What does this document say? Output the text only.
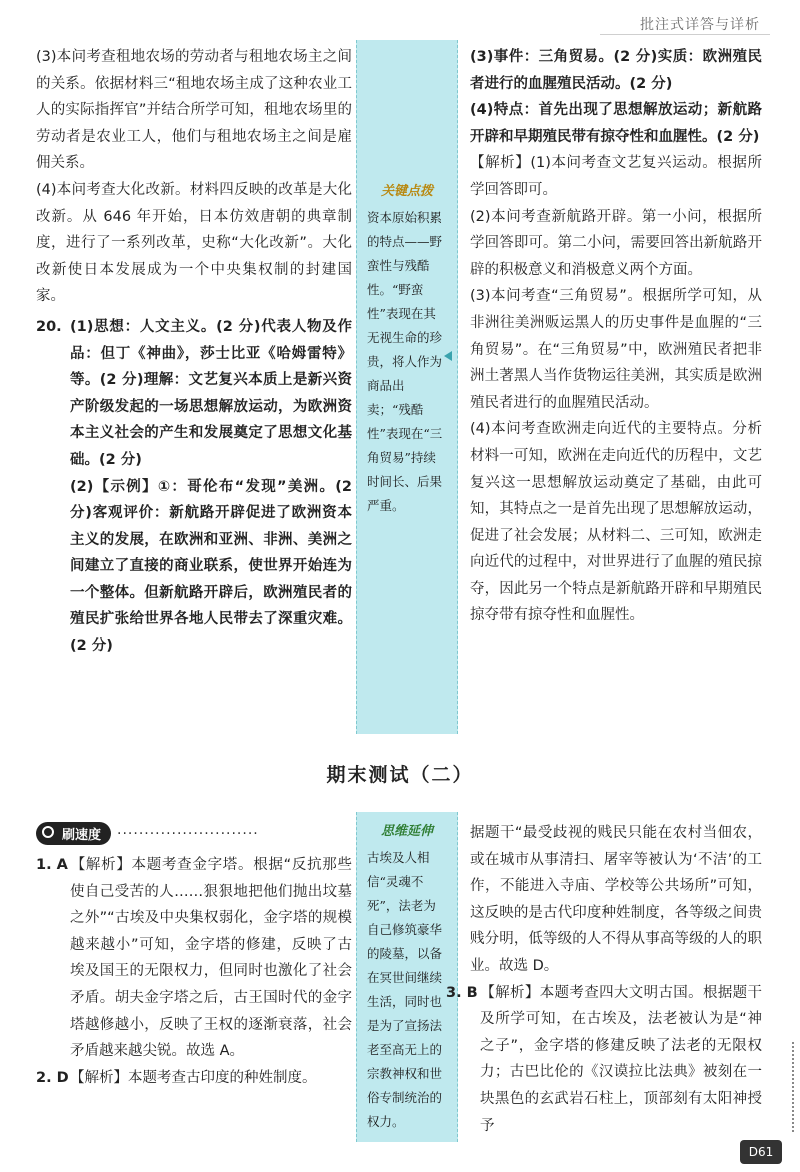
批注式详答与详析

(3)本问考查租地农场的劳动者与租地农场主之间的关系。依据材料三“租地农场主成了这种农业工人的实际指挥官”并结合所学可知，租地农场里的劳动者是农业工人，他们与租地农场主之间是雇佣关系。

(4)本问考查大化改新。材料四反映的改革是大化改新。从 646 年开始，日本仿效唐朝的典章制度，进行了一系列改革，史称“大化改新”。大化改新使日本发展成为一个中央集权制的封建国家。

20. (1)思想：人文主义。(2 分)代表人物及作品：但丁《神曲》，莎士比亚《哈姆雷特》等。(2 分)理解：文艺复兴本质上是新兴资产阶级发起的一场思想解放运动，为欧洲资本主义社会的产生和发展奠定了思想文化基础。(2 分)

(2)【示例】①：哥伦布“发现”美洲。(2 分)客观评价：新航路开辟促进了欧洲资本主义的发展，在欧洲和亚洲、非洲、美洲之间建立了直接的商业联系，使世界开始连为一个整体。但新航路开辟后，欧洲殖民者的殖民扩张给世界各地人民带去了深重灾难。(2 分)

关键点拨
资本原始积累的特点——野蛮性与残酷性。“野蛮性”表现在其无视生命的珍贵，将人作为商品出卖；“残酷性”表现在“三角贸易”持续时间长、后果严重。

(3)事件：三角贸易。(2 分)实质：欧洲殖民者进行的血腥殖民活动。(2 分)

(4)特点：首先出现了思想解放运动；新航路开辟和早期殖民带有掠夺性和血腥性。(2 分)

【解析】(1)本问考查文艺复兴运动。根据所学回答即可。

(2)本问考查新航路开辟。第一小问，根据所学回答即可。第二小问，需要回答出新航路开辟的积极意义和消极意义两个方面。

(3)本问考查“三角贸易”。根据所学可知，从非洲往美洲贩运黑人的历史事件是血腥的“三角贸易”。在“三角贸易”中，欧洲殖民者把非洲土著黑人当作货物运往美洲，其实质是欧洲殖民者进行的血腥殖民活动。

(4)本问考查欧洲走向近代的主要特点。分析材料一可知，欧洲在走向近代的历程中，文艺复兴这一思想解放运动奠定了基础，由此可知，其特点之一是首先出现了思想解放运动，促进了社会发展；从材料二、三可知，欧洲走向近代的过程中，对世界进行了血腥的殖民掠夺，因此另一个特点是新航路开辟和早期殖民掠夺带有掠夺性和血腥性。

期末测试（二）
刷速度	··························

1. A 【解析】本题考查金字塔。根据“反抗那些使自己受苦的人……狠狠地把他们抛出坟墓之外”“古埃及中央集权弱化，金字塔的规模越来越小”可知，金字塔的修建，反映了古埃及国王的无限权力，但同时也激化了社会矛盾。胡夫金字塔之后，古王国时代的金字塔越修越小，反映了王权的逐渐衰落，社会矛盾越来越尖锐。故选 A。

2. D【解析】本题考查古印度的种姓制度。

思维延伸
古埃及人相信“灵魂不死”，法老为自己修筑豪华的陵墓，以备在冥世间继续生活，同时也是为了宣扬法老至高无上的宗教神权和世俗专制统治的权力。

据题干“最受歧视的贱民只能在农村当佃农，或在城市从事清扫、屠宰等被认为‘不洁’的工作，不能进入寺庙、学校等公共场所”可知，这反映的是古代印度种姓制度，各等级之间贵贱分明，低等级的人不得从事高等级的人的职业。故选 D。

3. B 【解析】本题考查四大文明古国。根据题干及所学可知，在古埃及，法老被认为是“神之子”，金字塔的修建反映了法老的无限权力；古巴比伦的《汉谟拉比法典》被刻在一块黑色的玄武岩石柱上，顶部刻有太阳神授予

D61
